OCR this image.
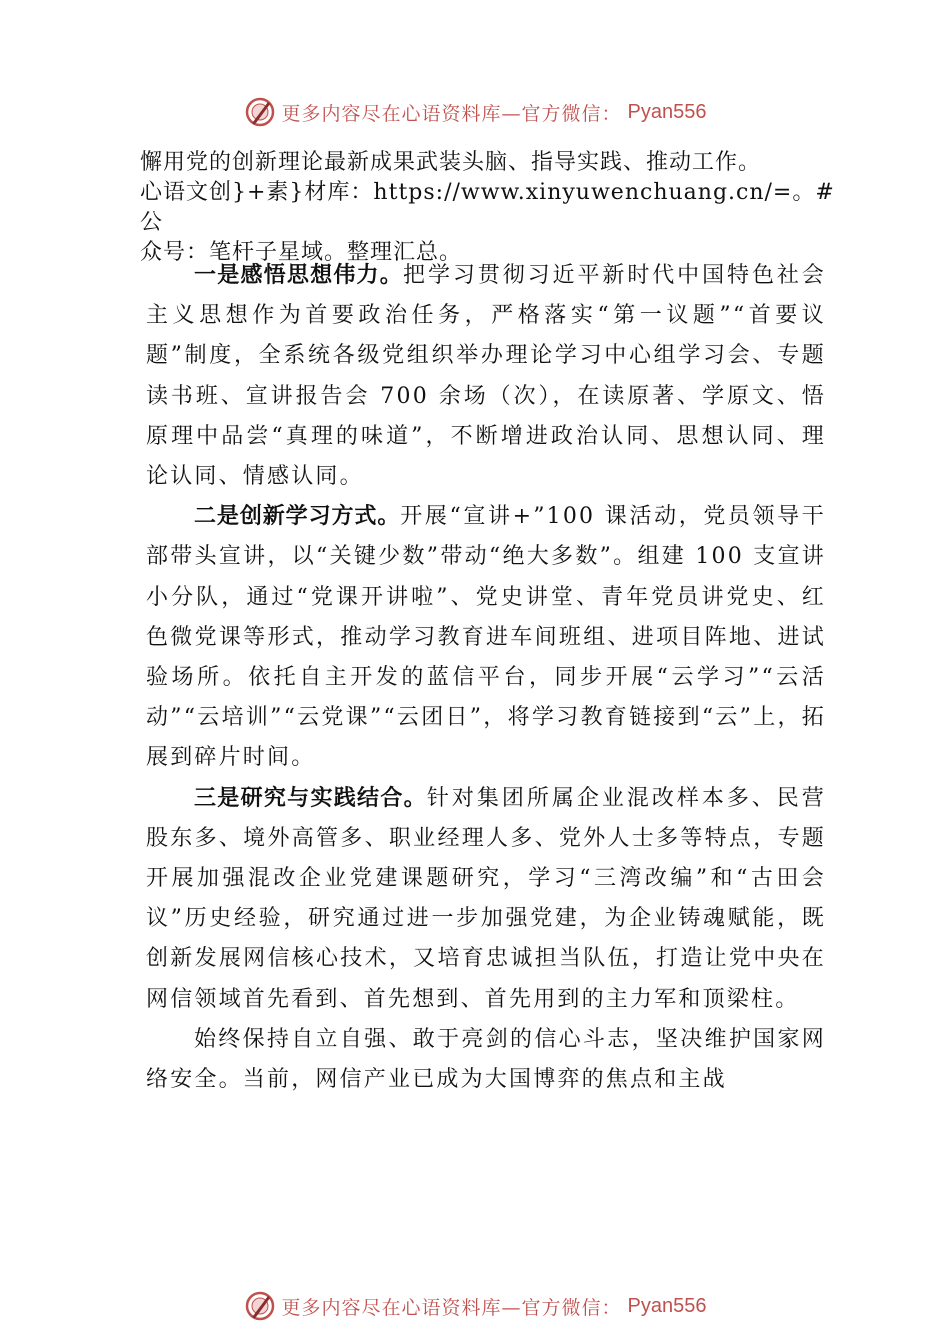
更多内容尽在心语资料库—官方微信： Pyan556

懈用党的创新理论最新成果武装头脑、指导实践、推动工作。

心语文创}+素}材库：https://www.xinyuwenchuang.cn/=。#公

众号：笔杆子星域。整理汇总。

一是感悟思想伟力。把学习贯彻习近平新时代中国特色社会主义思想作为首要政治任务，严格落实“第一议题”“首要议题”制度，全系统各级党组织举办理论学习中心组学习会、专题读书班、宣讲报告会 700 余场（次），在读原著、学原文、悟原理中品尝“真理的味道”，不断增进政治认同、思想认同、理论认同、情感认同。

二是创新学习方式。开展“宣讲+”100 课活动，党员领导干部带头宣讲，以“关键少数”带动“绝大多数”。组建 100 支宣讲小分队，通过“党课开讲啦”、党史讲堂、青年党员讲党史、红色微党课等形式，推动学习教育进车间班组、进项目阵地、进试验场所。依托自主开发的蓝信平台，同步开展“云学习”“云活动”“云培训”“云党课”“云团日”，将学习教育链接到“云”上，拓展到碎片时间。

三是研究与实践结合。针对集团所属企业混改样本多、民营股东多、境外高管多、职业经理人多、党外人士多等特点，专题开展加强混改企业党建课题研究，学习“三湾改编”和“古田会议”历史经验，研究通过进一步加强党建，为企业铸魂赋能，既创新发展网信核心技术，又培育忠诚担当队伍，打造让党中央在网信领域首先看到、首先想到、首先用到的主力军和顶梁柱。

始终保持自立自强、敢于亮剑的信心斗志，坚决维护国家网络安全。当前，网信产业已成为大国博弈的焦点和主战

更多内容尽在心语资料库—官方微信： Pyan556
